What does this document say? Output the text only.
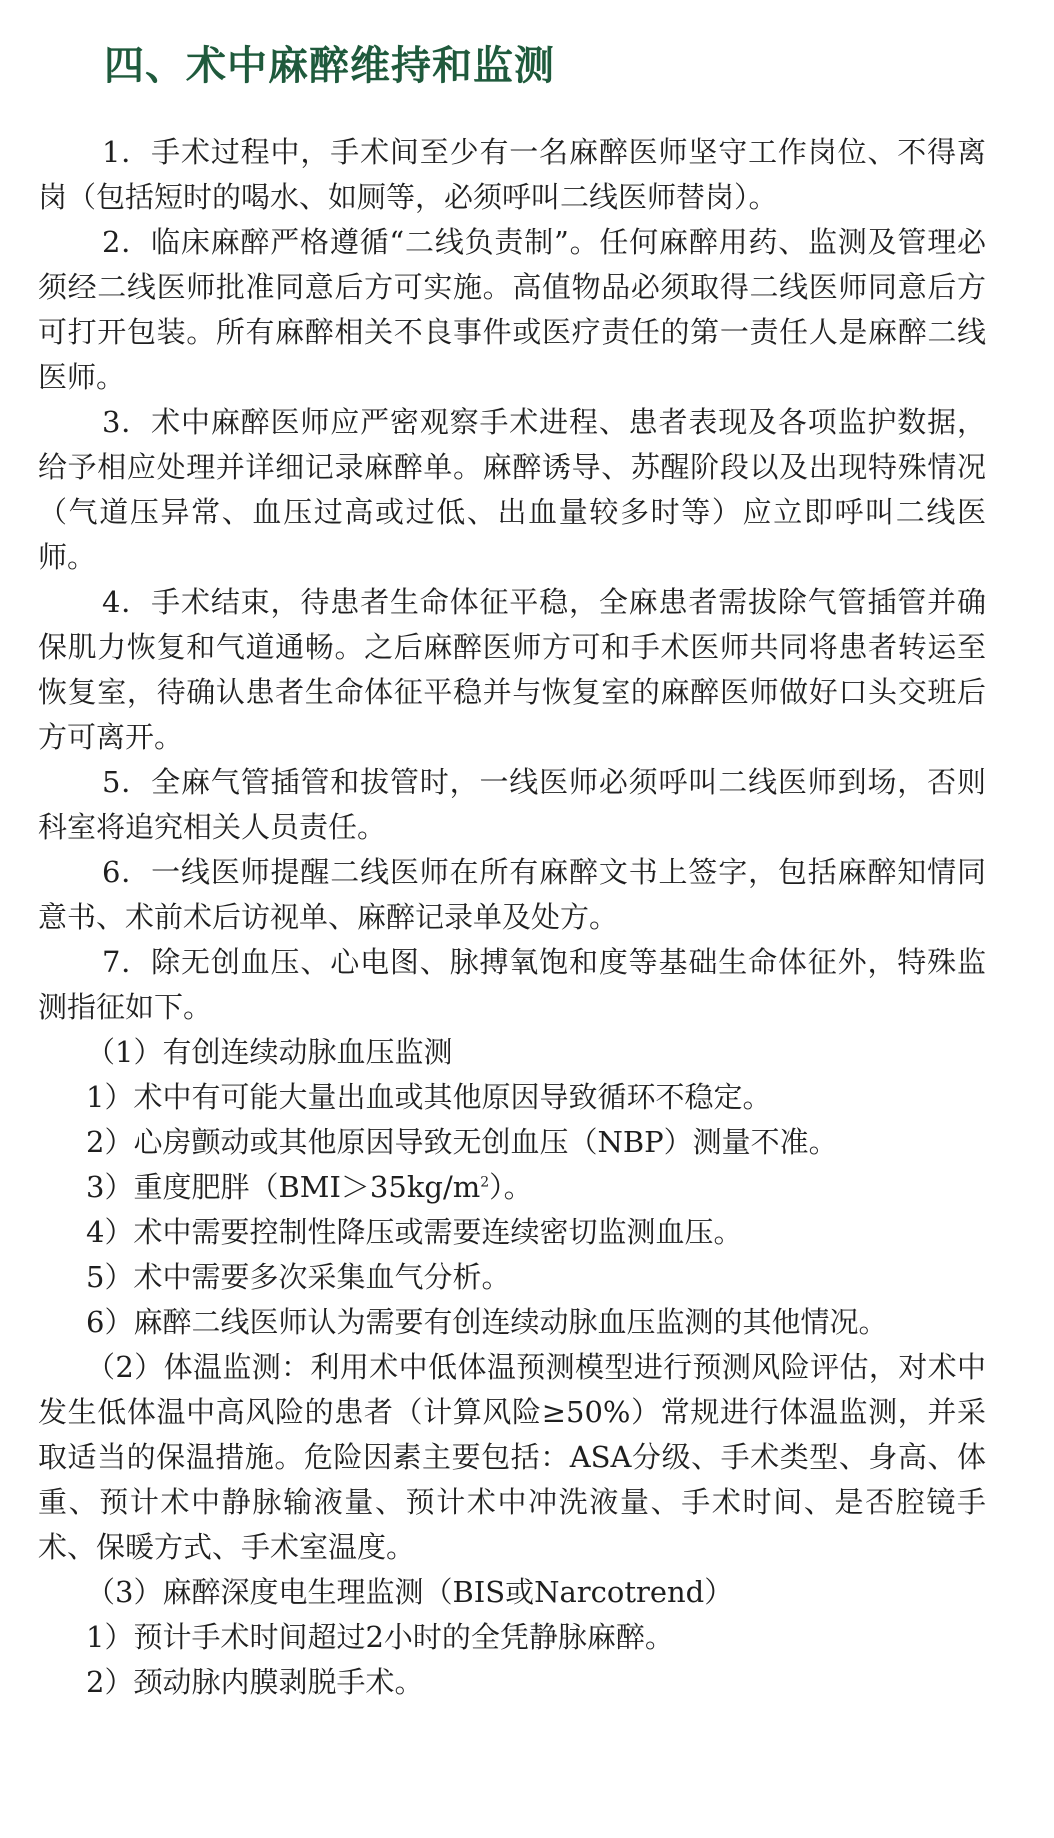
四、术中麻醉维持和监测

1．手术过程中，手术间至少有一名麻醉医师坚守工作岗位、不得离岗（包括短时的喝水、如厕等，必须呼叫二线医师替岗）。

2．临床麻醉严格遵循“二线负责制”。任何麻醉用药、监测及管理必须经二线医师批准同意后方可实施。高值物品必须取得二线医师同意后方可打开包装。所有麻醉相关不良事件或医疗责任的第一责任人是麻醉二线医师。

3．术中麻醉医师应严密观察手术进程、患者表现及各项监护数据，给予相应处理并详细记录麻醉单。麻醉诱导、苏醒阶段以及出现特殊情况（气道压异常、血压过高或过低、出血量较多时等）应立即呼叫二线医师。

4．手术结束，待患者生命体征平稳，全麻患者需拔除气管插管并确保肌力恢复和气道通畅。之后麻醉医师方可和手术医师共同将患者转运至恢复室，待确认患者生命体征平稳并与恢复室的麻醉医师做好口头交班后方可离开。

5．全麻气管插管和拔管时，一线医师必须呼叫二线医师到场，否则科室将追究相关人员责任。

6．一线医师提醒二线医师在所有麻醉文书上签字，包括麻醉知情同意书、术前术后访视单、麻醉记录单及处方。

7．除无创血压、心电图、脉搏氧饱和度等基础生命体征外，特殊监测指征如下。

（1）有创连续动脉血压监测

1）术中有可能大量出血或其他原因导致循环不稳定。

2）心房颤动或其他原因导致无创血压（NBP）测量不准。

3）重度肥胖$(BMI>35kg/m^2)$。

4）术中需要控制性降压或需要连续密切监测血压。

5）术中需要多次采集血气分析。

6）麻醉二线医师认为需要有创连续动脉血压监测的其他情况。

（2）体温监测：利用术中低体温预测模型进行预测风险评估，对术中发生低体温中高风险的患者（计算风险≥50%）常规进行体温监测，并采取适当的保温措施。危险因素主要包括：ASA分级、手术类型、身高、体重、预计术中静脉输液量、预计术中冲洗液量、手术时间、是否腔镜手术、保暖方式、手术室温度。

（3）麻醉深度电生理监测（BIS或Narcotrend）

1）预计手术时间超过2小时的全凭静脉麻醉。

2）颈动脉内膜剥脱手术。
